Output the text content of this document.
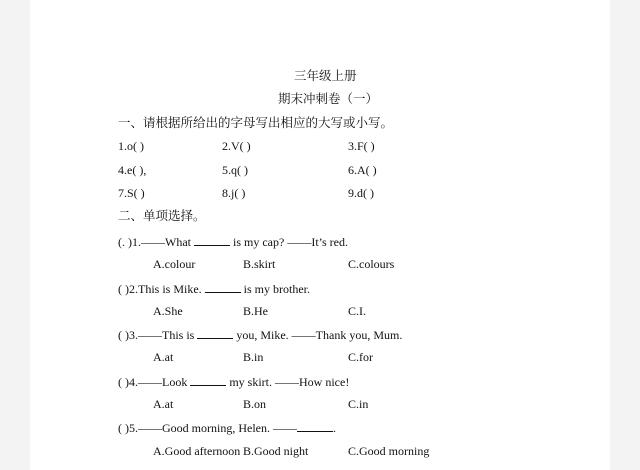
三年级上册
期末冲刺卷（一）
一、请根据所给出的字母写出相应的大写或小写。
1.o( )	2.V( )	3.F( )
4.e( ),	5.q( )	6.A( )
7.S( )	8.j( )	9.d( )
二、单项选择。
(. )1.——What	is my cap? ——It’s red.
A.colour	B.skirt	C.colours
( )2.This is Mike.	is my brother.
A.She	B.He	C.I.
( )3.——This is	you, Mike. ——Thank you, Mum.
A.at	B.in	C.for
( )4.——Look	my skirt. ——How nice!
A.at	B.on	C.in
( )5.——Good morning, Helen. ——	.
A.Good afternoon B.Good night	C.Good morning
